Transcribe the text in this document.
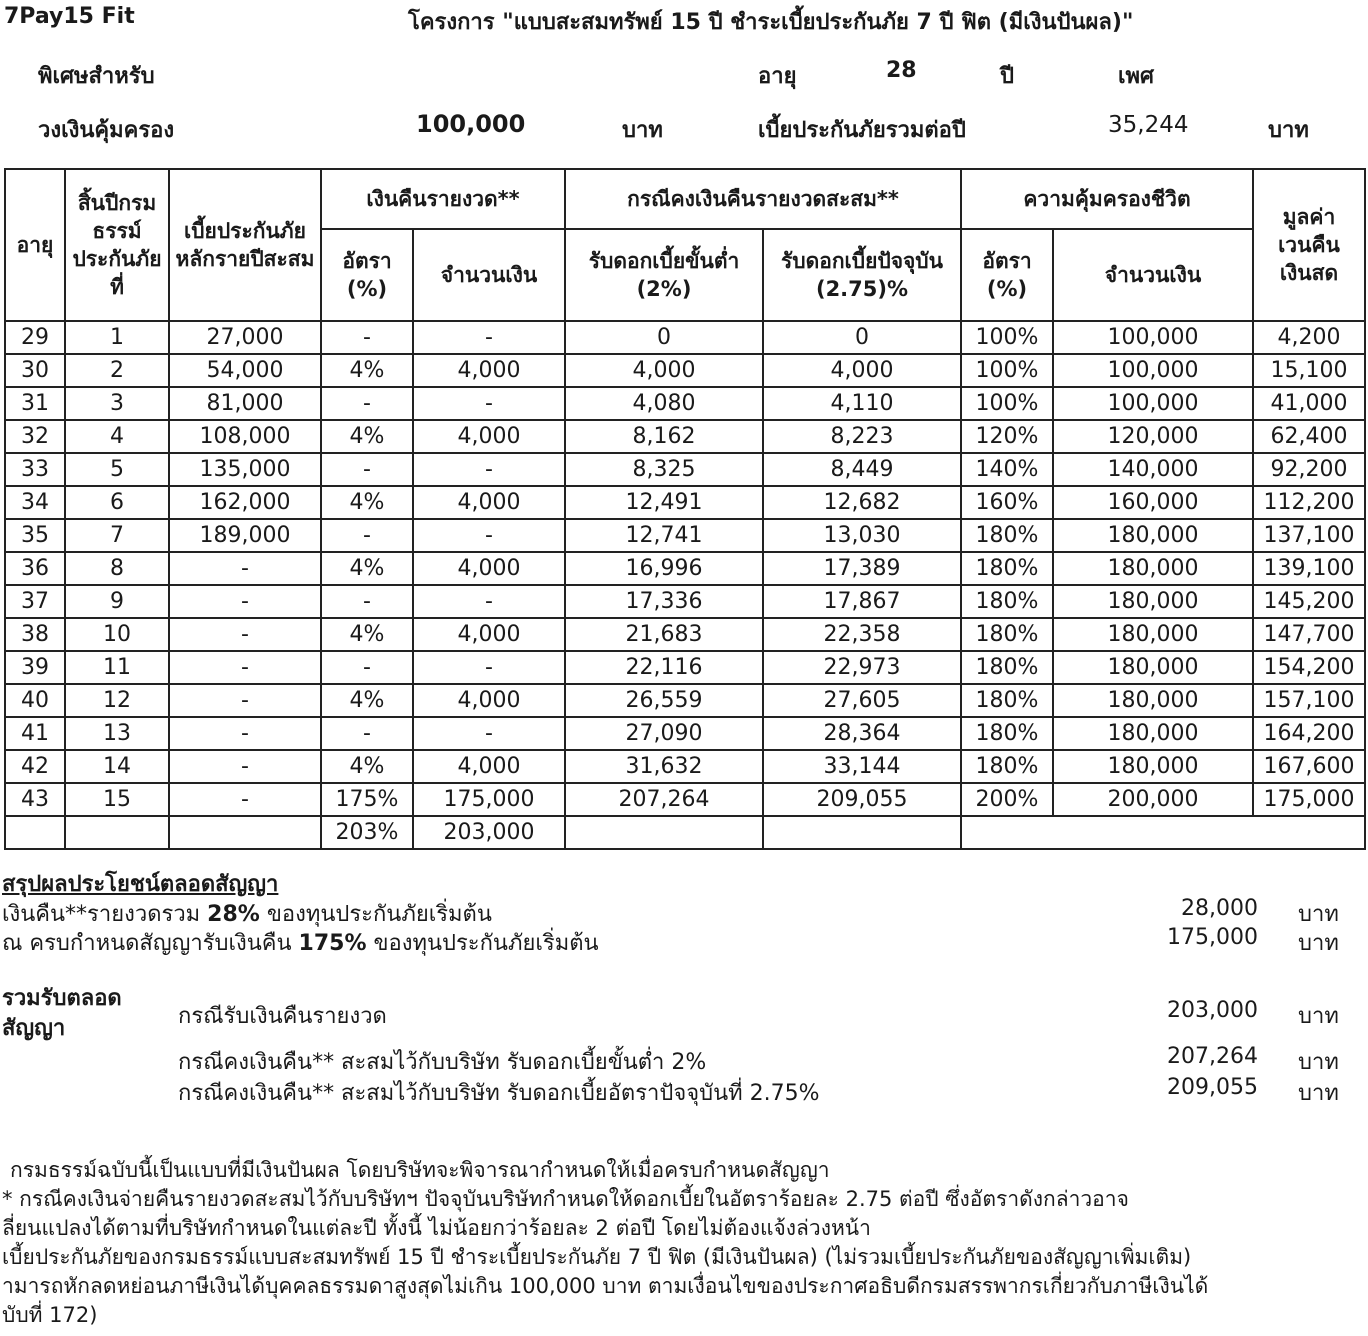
7Pay15 Fit	โครงการ "แบบสะสมทรัพย์ 15 ปี ชำระเบี้ยประกันภัย 7 ปี ฟิต (มีเงินปันผล)"
พิเศษสำหรับ	อายุ	28	ปี	เพศ
วงเงินคุ้มครอง	100,000	บาท	เบี้ยประกันภัยรวมต่อปี	35,244	บาท
อายุ	สิ้นปีกรมธรรม์ประกันภัยที่	เบี้ยประกันภัยหลักรายปีสะสม	เงินคืนรายงวด**		กรณีคงเงินคืนรายงวดสะสม**		ความคุ้มครองชีวิต		มูลค่าเวนคืนเงินสด
			อัตรา (%)	จำนวนเงิน	รับดอกเบี้ยขั้นต่ำ (2%)	รับดอกเบี้ยปัจจุบัน (2.75)%	อัตรา (%)	จำนวนเงิน	
29	1	27,000	-	-	0	0	100%	100,000	4,200
30	2	54,000	4%	4,000	4,000	4,000	100%	100,000	15,100
31	3	81,000	-	-	4,080	4,110	100%	100,000	41,000
32	4	108,000	4%	4,000	8,162	8,223	120%	120,000	62,400
33	5	135,000	-	-	8,325	8,449	140%	140,000	92,200
34	6	162,000	4%	4,000	12,491	12,682	160%	160,000	112,200
35	7	189,000	-	-	12,741	13,030	180%	180,000	137,100
36	8	-	4%	4,000	16,996	17,389	180%	180,000	139,100
37	9	-	-	-	17,336	17,867	180%	180,000	145,200
38	10	-	4%	4,000	21,683	22,358	180%	180,000	147,700
39	11	-	-	-	22,116	22,973	180%	180,000	154,200
40	12	-	4%	4,000	26,559	27,605	180%	180,000	157,100
41	13	-	-	-	27,090	28,364	180%	180,000	164,200
42	14	-	4%	4,000	31,632	33,144	180%	180,000	167,600
43	15	-	175%	175,000	207,264	209,055	200%	200,000	175,000
			203%	203,000					
สรุปผลประโยชน์ตลอดสัญญา
เงินคืน**รายงวดรวม 28% ของทุนประกันภัยเริ่มต้น	28,000 บาท
ณ ครบกำหนดสัญญารับเงินคืน 175% ของทุนประกันภัยเริ่มต้น	175,000 บาท
รวมรับตลอดสัญญา	กรณีรับเงินคืนรายงวด	203,000 บาท
กรณีคงเงินคืน** สะสมไว้กับบริษัท รับดอกเบี้ยขั้นต่ำ 2%	207,264 บาท
กรณีคงเงินคืน** สะสมไว้กับบริษัท รับดอกเบี้ยอัตราปัจจุบันที่ 2.75%	209,055 บาท
กรมธรรม์ฉบับนี้เป็นแบบที่มีเงินปันผล โดยบริษัทจะพิจารณากำหนดให้เมื่อครบกำหนดสัญญา
* กรณีคงเงินจ่ายคืนรายงวดสะสมไว้กับบริษัทฯ ปัจจุบันบริษัทกำหนดให้ดอกเบี้ยในอัตราร้อยละ 2.75 ต่อปี ซึ่งอัตราดังกล่าวอาจ
ลี่ยนแปลงได้ตามที่บริษัทกำหนดในแต่ละปี ทั้งนี้ ไม่น้อยกว่าร้อยละ 2 ต่อปี โดยไม่ต้องแจ้งล่วงหน้า
เบี้ยประกันภัยของกรมธรรม์แบบสะสมทรัพย์ 15 ปี ชำระเบี้ยประกันภัย 7 ปี ฟิต (มีเงินปันผล) (ไม่รวมเบี้ยประกันภัยของสัญญาเพิ่มเติม)
ามารถหักลดหย่อนภาษีเงินได้บุคคลธรรมดาสูงสุดไม่เกิน 100,000 บาท ตามเงื่อนไขของประกาศอธิบดีกรมสรรพากรเกี่ยวกับภาษีเงินได้
บับที่ 172)
